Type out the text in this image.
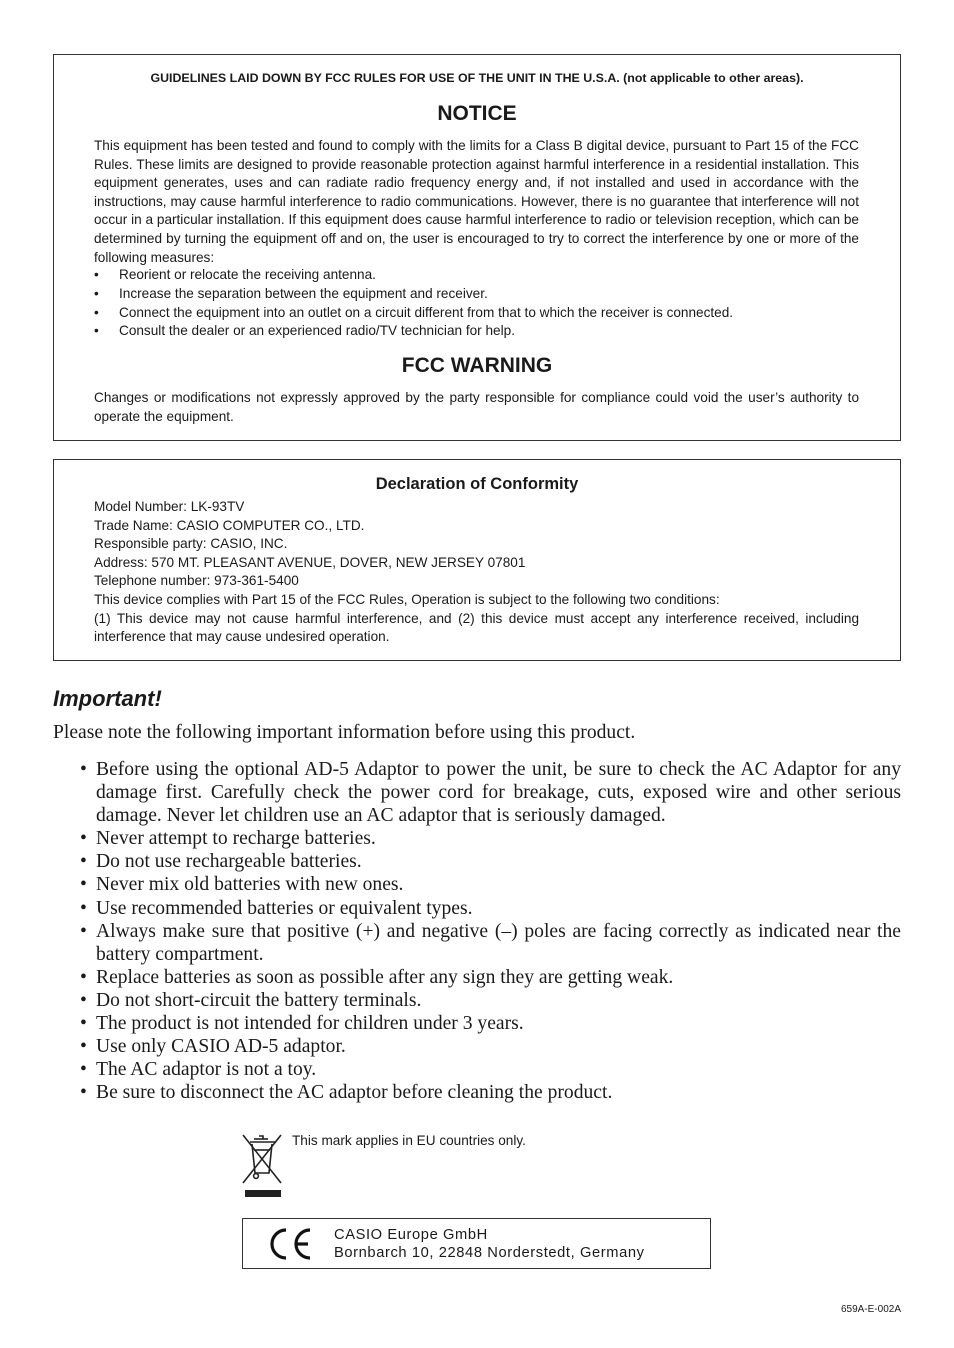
GUIDELINES LAID DOWN BY FCC RULES FOR USE OF THE UNIT IN THE U.S.A. (not applicable to other areas).
NOTICE
This equipment has been tested and found to comply with the limits for a Class B digital device, pursuant to Part 15 of the FCC Rules. These limits are designed to provide reasonable protection against harmful interference in a residential installation. This equipment generates, uses and can radiate radio frequency energy and, if not installed and used in accordance with the instructions, may cause harmful interference to radio communications. However, there is no guarantee that interference will not occur in a particular installation. If this equipment does cause harmful interference to radio or television reception, which can be determined by turning the equipment off and on, the user is encouraged to try to correct the interference by one or more of the following measures:
• Reorient or relocate the receiving antenna.
• Increase the separation between the equipment and receiver.
• Connect the equipment into an outlet on a circuit different from that to which the receiver is connected.
• Consult the dealer or an experienced radio/TV technician for help.
FCC WARNING
Changes or modifications not expressly approved by the party responsible for compliance could void the user’s authority to operate the equipment.
Declaration of Conformity
Model Number: LK-93TV
Trade Name: CASIO COMPUTER CO., LTD.
Responsible party: CASIO, INC.
Address: 570 MT. PLEASANT AVENUE, DOVER, NEW JERSEY 07801
Telephone number: 973-361-5400
This device complies with Part 15 of the FCC Rules, Operation is subject to the following two conditions:
(1) This device may not cause harmful interference, and (2) this device must accept any interference received, including interference that may cause undesired operation.
Important!
Please note the following important information before using this product.
• Before using the optional AD-5 Adaptor to power the unit, be sure to check the AC Adaptor for any damage first. Carefully check the power cord for breakage, cuts, exposed wire and other serious damage. Never let children use an AC adaptor that is seriously damaged.
• Never attempt to recharge batteries.
• Do not use rechargeable batteries.
• Never mix old batteries with new ones.
• Use recommended batteries or equivalent types.
• Always make sure that positive (+) and negative (–) poles are facing correctly as indicated near the battery compartment.
• Replace batteries as soon as possible after any sign they are getting weak.
• Do not short-circuit the battery terminals.
• The product is not intended for children under 3 years.
• Use only CASIO AD-5 adaptor.
• The AC adaptor is not a toy.
• Be sure to disconnect the AC adaptor before cleaning the product.
This mark applies in EU countries only.
CASIO Europe GmbH
Bornbarch 10, 22848 Norderstedt, Germany
659A-E-002A
